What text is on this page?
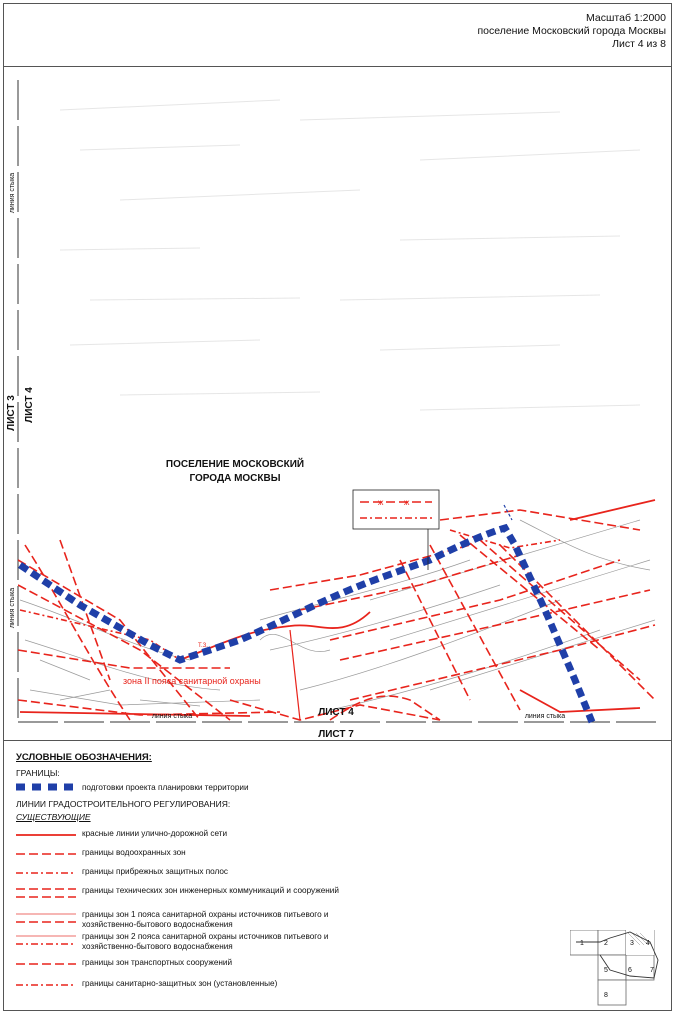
Масштаб 1:2000
поселение Московский города Москвы
Лист 4 из 8
ж	ж
ПОСЕЛЕНИЕ МОСКОВСКИЙ
ГОРОДА МОСКВЫ
ЛИСТ 3 ЛИСТ 4
линия стыка
линия стыка
ЛИСТ 4
ЛИСТ 7
линия стыка	линия стыка
зона II пояса санитарной охраны
Т.З.
УСЛОВНЫЕ ОБОЗНАЧЕНИЯ:
ГРАНИЦЫ:
подготовки проекта планировки территории
ЛИНИИ ГРАДОСТРОИТЕЛЬНОГО РЕГУЛИРОВАНИЯ:
СУЩЕСТВУЮЩИЕ
красные линии улично-дорожной сети
границы водоохранных зон
границы прибрежных защитных полос
границы технических зон инженерных коммуникаций и сооружений
границы зон 1 пояса санитарной охраны источников питьевого и хозяйственно-бытового водоснабжения
границы зон 2 пояса санитарной охраны источников питьевого и хозяйственно-бытового водоснабжения
границы зон транспортных сооружений
границы санитарно-защитных зон (установленные)
1	2	3 4
5	6	7
8
